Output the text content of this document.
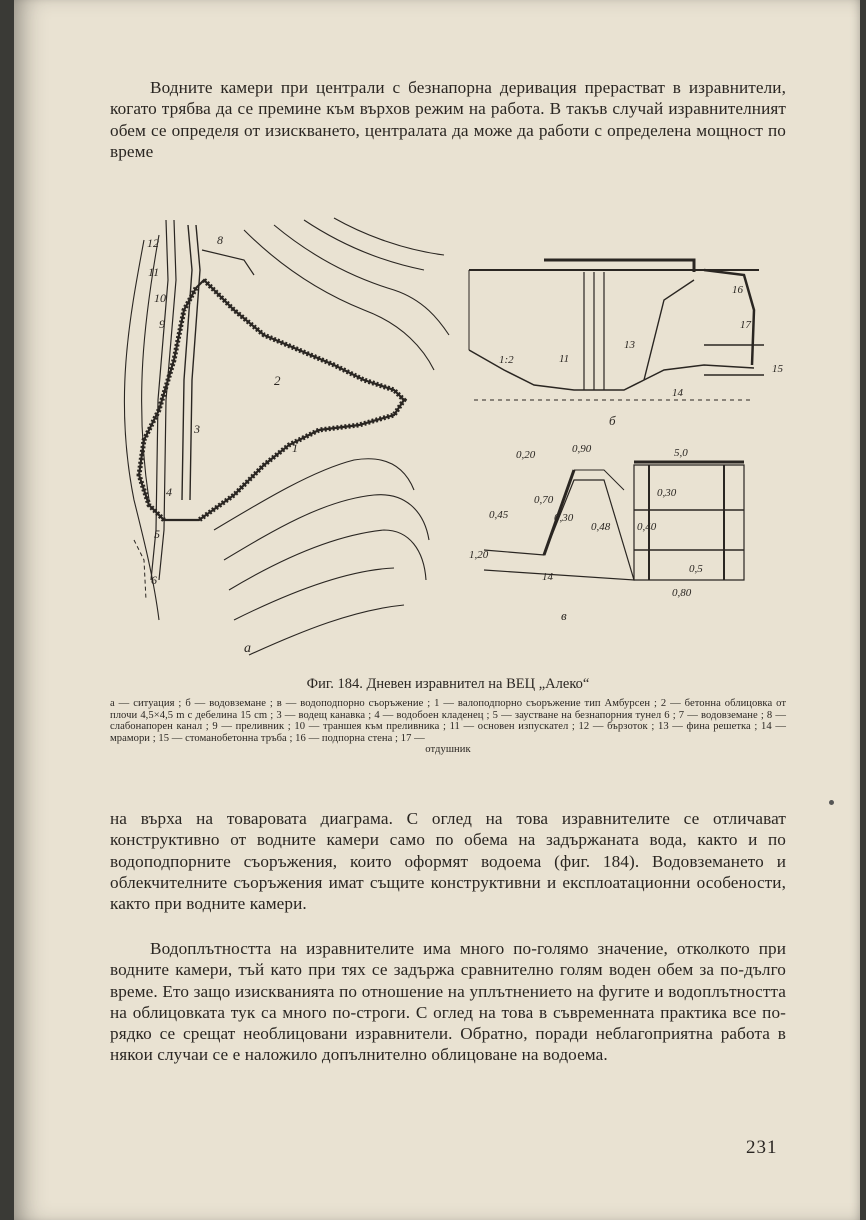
Водните камери при централи с безнапорна деривация прерастват в изравнители, когато трябва да се премине към върхов режим на работа. В такъв случай изравнителният обем се определя от изискването, централата да може да работи с определена мощност по време

12	8
11
10
9
2
3
1
4
5
6
а
1:2	11
13
14
16
17
15
б
0,20	0,90
0,70
0,45	0,30
0,48
1,20
5,0
0,30
0,40
0,5
0,80
14
в
Фиг. 184. Дневен изравнител на ВЕЦ „Алеко“
а — ситуация ; б — водовземане ; в — водоподпорно съоръжение ; 1 — валоподпорно съоръжение тип Амбурсен ; 2 — бетонна облицовка от плочи 4,5×4,5 m с дебелина 15 cm ; 3 — водещ канавка ; 4 — водобоен кладенец ; 5 — заустване на безнапорния тунел 6 ; 7 — водовземане ; 8 — слабонапорен канал ; 9 — преливник ; 10 — траншея към преливника ; 11 — основен изпускател ; 12 — бързоток ; 13 — фина решетка ; 14 — мрамори ; 15 — стоманобетонна тръба ; 16 — подпорна стена ; 17 —
отдушник

на върха на товаровата диаграма. С оглед на това изравнителите се отличават конструктивно от водните камери само по обема на задържаната вода, както и по водоподпорните съоръжения, които оформят водоема (фиг. 184). Водовземането и облекчителните съоръжения имат същите конструктивни и експлоатационни особености, както при водните камери.

Водоплътността на изравнителите има много по-голямо значение, отколкото при водните камери, тъй като при тях се задържа сравнително голям воден обем за по-дълго време. Ето защо изискванията по отношение на уплътнението на фугите и водоплътността на облицовката тук са много по-строги. С оглед на това в съвременната практика все по-рядко се срещат необлицовани изравнители. Обратно, поради неблагоприятна работа в някои случаи се е наложило допълнително облицоване на водоема.

231
